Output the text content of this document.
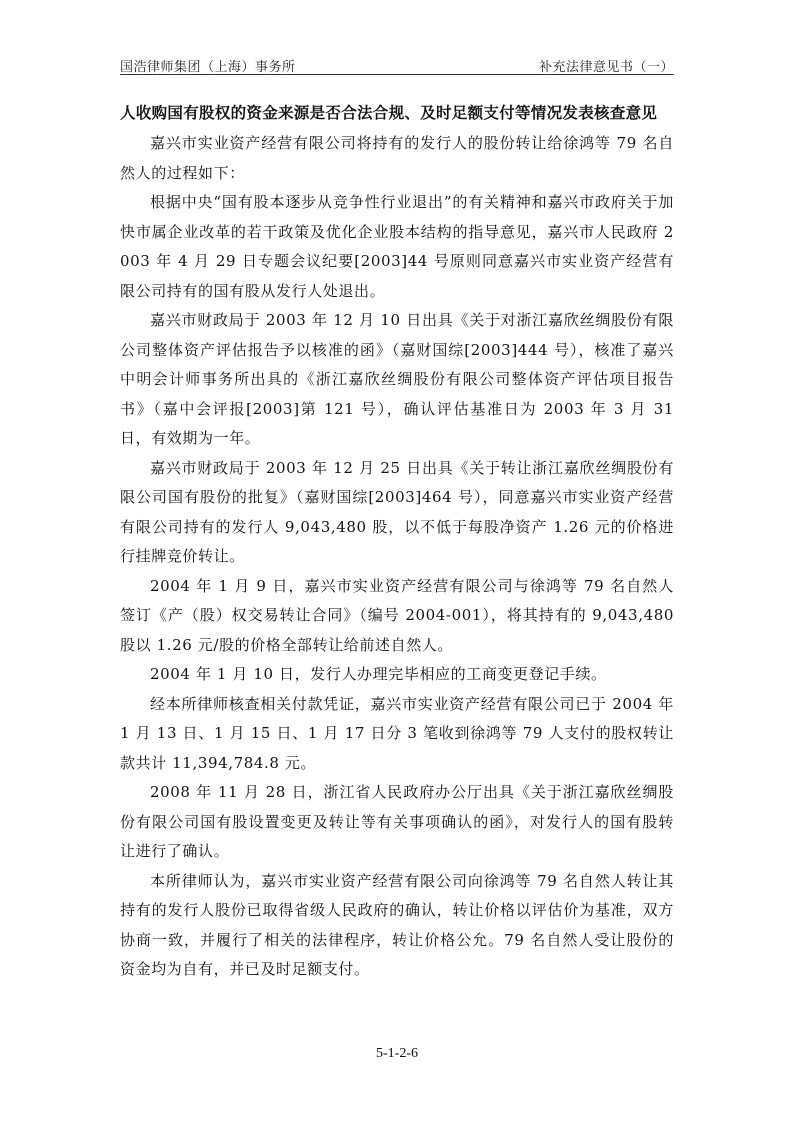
国浩律师集团（上海）事务所	补充法律意见书（一）
人收购国有股权的资金来源是否合法合规、及时足额支付等情况发表核查意见

嘉兴市实业资产经营有限公司将持有的发行人的股份转让给徐鸿等 79 名自然人的过程如下：

根据中央“国有股本逐步从竞争性行业退出”的有关精神和嘉兴市政府关于加快市属企业改革的若干政策及优化企业股本结构的指导意见，嘉兴市人民政府 2003 年 4 月 29 日专题会议纪要[2003]44 号原则同意嘉兴市实业资产经营有限公司持有的国有股从发行人处退出。

嘉兴市财政局于 2003 年 12 月 10 日出具《关于对浙江嘉欣丝绸股份有限公司整体资产评估报告予以核准的函》（嘉财国综[2003]444 号），核准了嘉兴中明会计师事务所出具的《浙江嘉欣丝绸股份有限公司整体资产评估项目报告书》（嘉中会评报[2003]第 121 号），确认评估基准日为 2003 年 3 月 31 日，有效期为一年。

嘉兴市财政局于 2003 年 12 月 25 日出具《关于转让浙江嘉欣丝绸股份有限公司国有股份的批复》（嘉财国综[2003]464 号），同意嘉兴市实业资产经营有限公司持有的发行人 9,043,480 股，以不低于每股净资产 1.26 元的价格进行挂牌竞价转让。

2004 年 1 月 9 日，嘉兴市实业资产经营有限公司与徐鸿等 79 名自然人签订《产（股）权交易转让合同》（编号 2004-001），将其持有的 9,043,480 股以 1.26 元/股的价格全部转让给前述自然人。

2004 年 1 月 10 日，发行人办理完毕相应的工商变更登记手续。

经本所律师核查相关付款凭证，嘉兴市实业资产经营有限公司已于 2004 年 1 月 13 日、1 月 15 日、1 月 17 日分 3 笔收到徐鸿等 79 人支付的股权转让款共计 11,394,784.8 元。

2008 年 11 月 28 日，浙江省人民政府办公厅出具《关于浙江嘉欣丝绸股份有限公司国有股设置变更及转让等有关事项确认的函》，对发行人的国有股转让进行了确认。

本所律师认为，嘉兴市实业资产经营有限公司向徐鸿等 79 名自然人转让其持有的发行人股份已取得省级人民政府的确认，转让价格以评估价为基准，双方协商一致，并履行了相关的法律程序，转让价格公允。79 名自然人受让股份的资金均为自有，并已及时足额支付。

5-1-2-6
